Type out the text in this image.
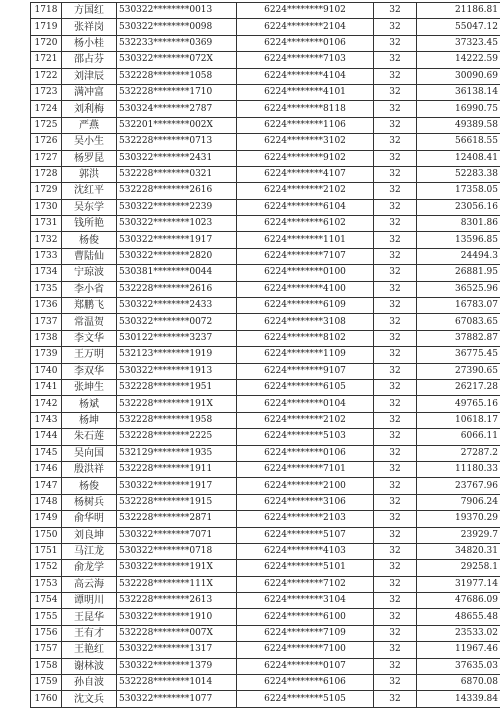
1718	方国红	530322********0013	6224********9102	32	21186.81
1719	张祥岗	530322********0098	6224********2104	32	55047.12
1720	杨小桂	532233********0369	6224********0106	32	37323.45
1721	邵占芬	530322********072X	6224********7103	32	14222.59
1722	刘津辰	532228********1058	6224********4104	32	30090.69
1723	满冲富	532228********1710	6224********4101	32	36138.14
1724	刘利梅	530324********2787	6224********8118	32	16990.75
1725	严燕	532201********002X	6224********1106	32	49389.58
1726	吴小生	532228********0713	6224********3102	32	56618.55
1727	杨罗昆	530322********2431	6224********9102	32	12408.41
1728	郭洪	532228********0321	6224********4107	32	52283.38
1729	沈红平	532228********2616	6224********2102	32	17358.05
1730	吴东学	530322********2239	6224********6104	32	23056.16
1731	钱所艳	530322********1023	6224********6102	32	8301.86
1732	杨俊	530322********1917	6224********1101	32	13596.85
1733	曹陆仙	530322********2820	6224********7107	32	24494.3
1734	宁琼波	530381********0044	6224********0100	32	26881.95
1735	李小省	532228********2616	6224********4100	32	36525.96
1736	郑鹏飞	530322********2433	6224********6109	32	16783.07
1737	常温贺	530322********0072	6224********3108	32	67083.65
1738	李文华	530122********3237	6224********8102	32	37882.87
1739	王万明	532123********1919	6224********1109	32	36775.45
1740	李双华	530322********1913	6224********9107	32	27390.65
1741	张坤生	532228********1951	6224********6105	32	26217.28
1742	杨斌	532228********191X	6224********0104	32	49765.16
1743	杨坤	532228********1958	6224********2102	32	10618.17
1744	朱石莲	532228********2225	6224********5103	32	6066.11
1745	吴向国	532129********1935	6224********0106	32	27287.2
1746	殷洪祥	532228********1911	6224********7101	32	11180.33
1747	杨俊	530322********1917	6224********2100	32	23767.96
1748	杨树兵	532228********1915	6224********3106	32	7906.24
1749	俞华明	532228********2871	6224********2103	32	19370.29
1750	刘良坤	530322********7071	6224********5107	32	23929.7
1751	马江龙	530322********0718	6224********4103	32	34820.31
1752	俞龙学	530322********191X	6224********5101	32	29258.1
1753	高云海	532228********111X	6224********7102	32	31977.14
1754	谭明川	532228********2613	6224********3104	32	47686.09
1755	王昆华	530322********1910	6224********6100	32	48655.48
1756	王有才	532228********007X	6224********7109	32	23533.02
1757	王艳红	530322********1317	6224********7100	32	11967.46
1758	谢林波	530322********1379	6224********0107	32	37635.03
1759	孙自波	532228********1014	6224********6106	32	6870.08
1760	沈文兵	530322********1077	6224********5105	32	14339.84
